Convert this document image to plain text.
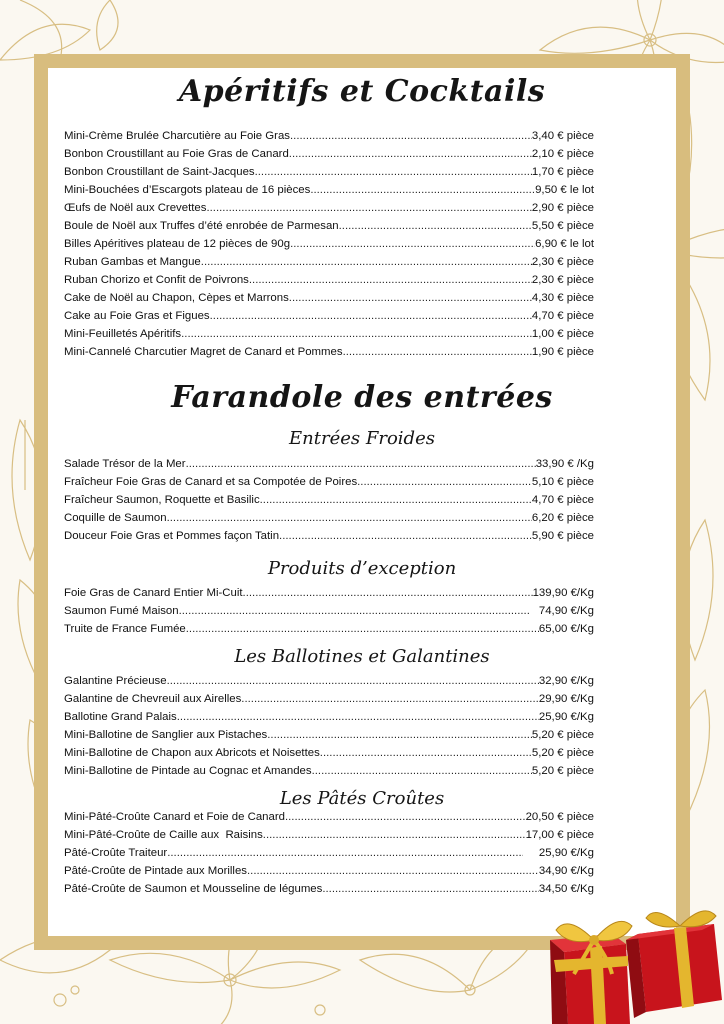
Apéritifs et Cocktails
Farandole des entrées
Entrées Froides
Produits d’exception
Les Ballotines et Galantines
Les Pâtés Croûtes
Mini-Crème Brulée Charcutière au Foie Gras .....	3,40 € pièce
Bonbon Croustillant au Foie Gras de Canard .....	2,10 € pièce
Bonbon Croustillant de Saint-Jacques .....	1,70 € pièce
Mini-Bouchées d’Escargots plateau de 16 pièces .....	9,50 € le lot
Œufs de Noël aux Crevettes .....	2,90 € pièce
Boule de Noël aux Truffes d’été enrobée de Parmesan .....	5,50 € pièce
Billes Apéritives plateau de 12 pièces de 90g .....	6,90 € le lot
Ruban Gambas et Mangue .....	2,30 € pièce
Ruban Chorizo et Confit de Poivrons .....	2,30 € pièce
Cake de Noël au Chapon, Cèpes et Marrons .....	4,30 € pièce
Cake au Foie Gras et Figues .....	4,70 € pièce
Mini-Feuilletés Apéritifs .....	1,00 € pièce
Mini-Cannelé Charcutier Magret de Canard et Pommes .....	1,90 € pièce
Salade Trésor de la Mer .....	33,90 € /Kg
Fraîcheur Foie Gras de Canard et sa Compotée de Poires .....	5,10 € pièce
Fraîcheur Saumon, Roquette et Basilic .....	4,70 € pièce
Coquille de Saumon .....	6,20 € pièce
Douceur Foie Gras et Pommes façon Tatin .....	5,90 € pièce
Foie Gras de Canard Entier Mi-Cuit .....	139,90 €/Kg
Saumon Fumé Maison .....	74,90 €/Kg
Truite de France Fumée .....	65,00 €/Kg
Galantine Précieuse .....	32,90 €/Kg
Galantine de Chevreuil aux Airelles .....	29,90 €/Kg
Ballotine Grand Palais .....	25,90 €/Kg
Mini-Ballotine de Sanglier aux Pistaches .....	5,20 € pièce
Mini-Ballotine de Chapon aux Abricots et Noisettes .....	5,20 € pièce
Mini-Ballotine de Pintade au Cognac et Amandes .....	5,20 € pièce
Mini-Pâté-Croûte Canard et Foie de Canard .....	20,50 € pièce
Mini-Pâté-Croûte de Caille aux  Raisins .....	17,00 € pièce
Pâté-Croûte Traiteur .....	25,90 €/Kg
Pâté-Croûte de Pintade aux Morilles .....	34,90 €/Kg
Pâté-Croûte de Saumon et Mousseline de légumes .....	34,50 €/Kg
